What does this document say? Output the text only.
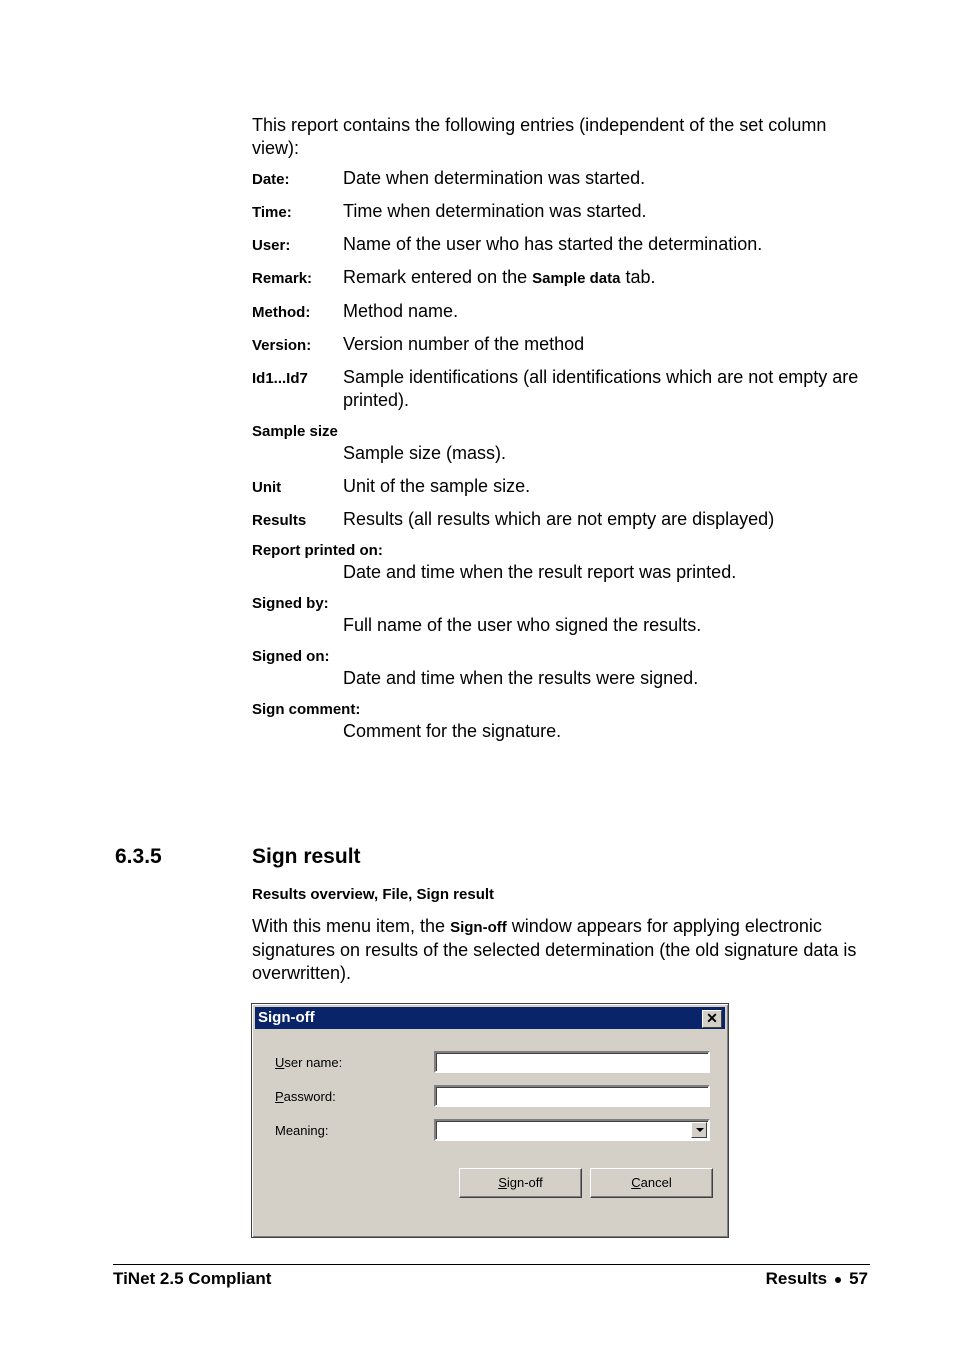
This report contains the following entries (independent of the set column view):
Date:	Date when determination was started.
Time:	Time when determination was started.
User:	Name of the user who has started the determination.
Remark:	Remark entered on the Sample data tab.
Method:	Method name.
Version:	Version number of the method
Id1...Id7	Sample identifications (all identifications which are not empty are printed).
Sample size
Sample size (mass).
Unit	Unit of the sample size.
Results	Results (all results which are not empty are displayed)
Report printed on:
Date and time when the result report was printed.
Signed by:
Full name of the user who signed the results.
Signed on:
Date and time when the results were signed.
Sign comment:
Comment for the signature.
6.3.5	Sign result
Results overview, File, Sign result
With this menu item, the Sign-off window appears for applying electronic signatures on results of the selected determination (the old signature data is overwritten).
Sign-off	✕
User name:
Password:
Meaning:
Sign-off	Cancel
TiNet 2.5 Compliant	Results 57
